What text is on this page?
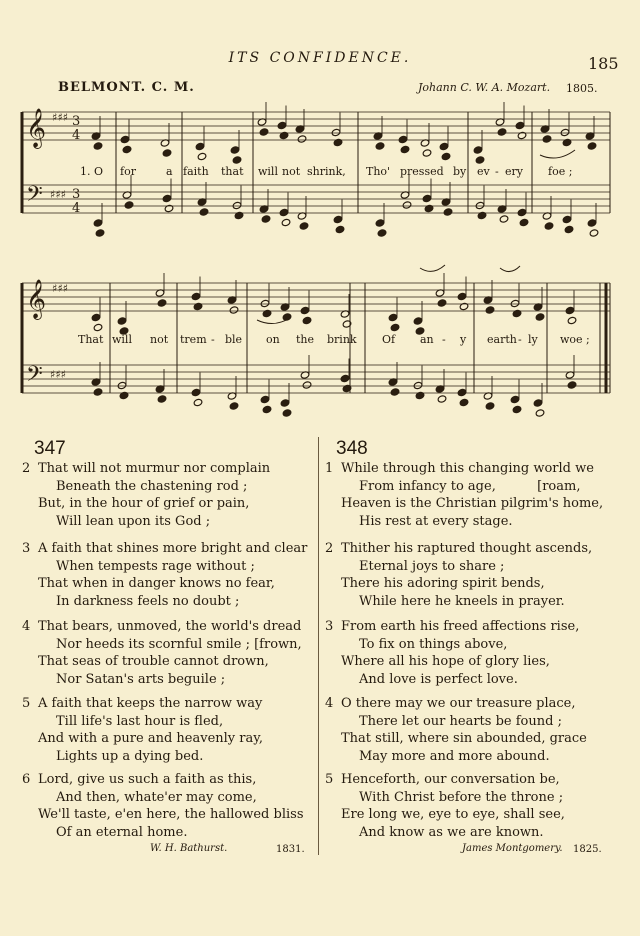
ITS CONFIDENCE.	185
BELMONT. C. M.	Johann C. W. A. Mozart. 1805.
𝄞
𝄢
♯♯♯
♯♯♯
3
4
3
4
𝄞
𝄢
♯♯♯
♯♯♯
1. O for	a faith that will not shrink, Tho' pressed by ev - ery foe ;
That will not trem - ble on the brink Of an - y earth - ly woe ;
347
2 That will not murmur nor complain
Beneath the chastening rod ;
But, in the hour of grief or pain,
Will lean upon its God ;
3 A faith that shines more bright and clear
When tempests rage without ;
That when in danger knows no fear,
In darkness feels no doubt ;
4 That bears, unmoved, the world's dread
Nor heeds its scornful smile ; [frown,
That seas of trouble cannot drown,
Nor Satan's arts beguile ;
5 A faith that keeps the narrow way
Till life's last hour is fled,
And with a pure and heavenly ray,
Lights up a dying bed.
6 Lord, give us such a faith as this,
And then, whate'er may come,
We'll taste, e'en here, the hallowed bliss
Of an eternal home.
W. H. Bathurst.	1831.
348
1 While through this changing world we
From infancy to age,          [roam,
Heaven is the Christian pilgrim's home,
His rest at every stage.
2 Thither his raptured thought ascends,
Eternal joys to share ;
There his adoring spirit bends,
While here he kneels in prayer.
3 From earth his freed affections rise,
To fix on things above,
Where all his hope of glory lies,
And love is perfect love.
4 O there may we our treasure place,
There let our hearts be found ;
That still, where sin abounded, grace
May more and more abound.
5 Henceforth, our conversation be,
With Christ before the throne ;
Ere long we, eye to eye, shall see,
And know as we are known.
James Montgomery. 1825.
